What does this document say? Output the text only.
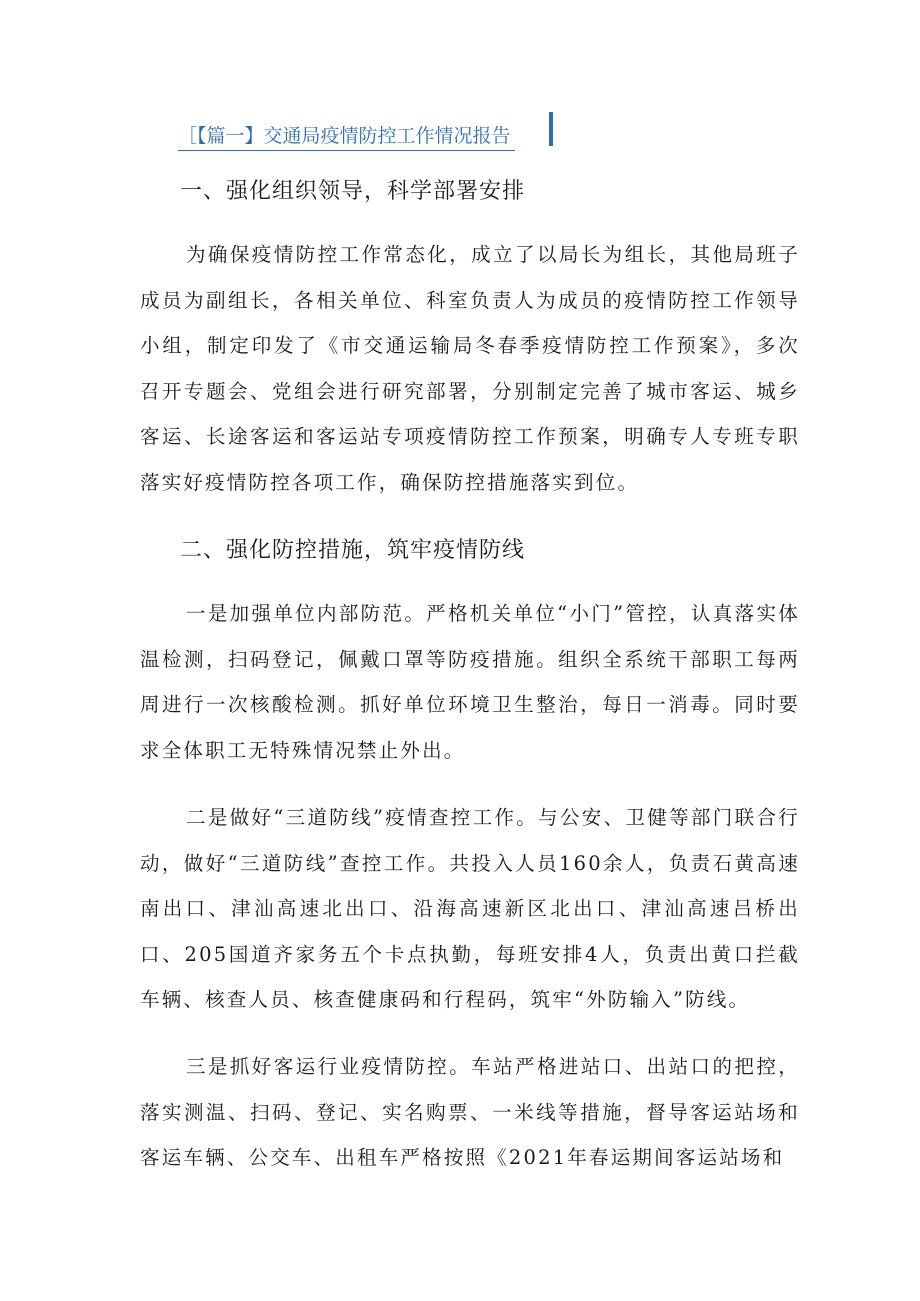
［【篇一】交通局疫情防控工作情况报告
一、强化组织领导，科学部署安排

为确保疫情防控工作常态化，成立了以局长为组长，其他局班子成员为副组长，各相关单位、科室负责人为成员的疫情防控工作领导小组，制定印发了《市交通运输局冬春季疫情防控工作预案》，多次召开专题会、党组会进行研究部署，分别制定完善了城市客运、城乡客运、长途客运和客运站专项疫情防控工作预案，明确专人专班专职落实好疫情防控各项工作，确保防控措施落实到位。

二、强化防控措施，筑牢疫情防线

一是加强单位内部防范。严格机关单位“小门”管控，认真落实体温检测，扫码登记，佩戴口罩等防疫措施。组织全系统干部职工每两周进行一次核酸检测。抓好单位环境卫生整治，每日一消毒。同时要求全体职工无特殊情况禁止外出。

二是做好“三道防线”疫情查控工作。与公安、卫健等部门联合行动，做好“三道防线”查控工作。共投入人员160余人，负责石黄高速南出口、津汕高速北出口、沿海高速新区北出口、津汕高速吕桥出口、205国道齐家务五个卡点执勤，每班安排4人，负责出黄口拦截车辆、核查人员、核查健康码和行程码，筑牢“外防输入”防线。

三是抓好客运行业疫情防控。车站严格进站口、出站口的把控，落实测温、扫码、登记、实名购票、一米线等措施，督导客运站场和客运车辆、公交车、出租车严格按照《2021年春运期间客运站场和
